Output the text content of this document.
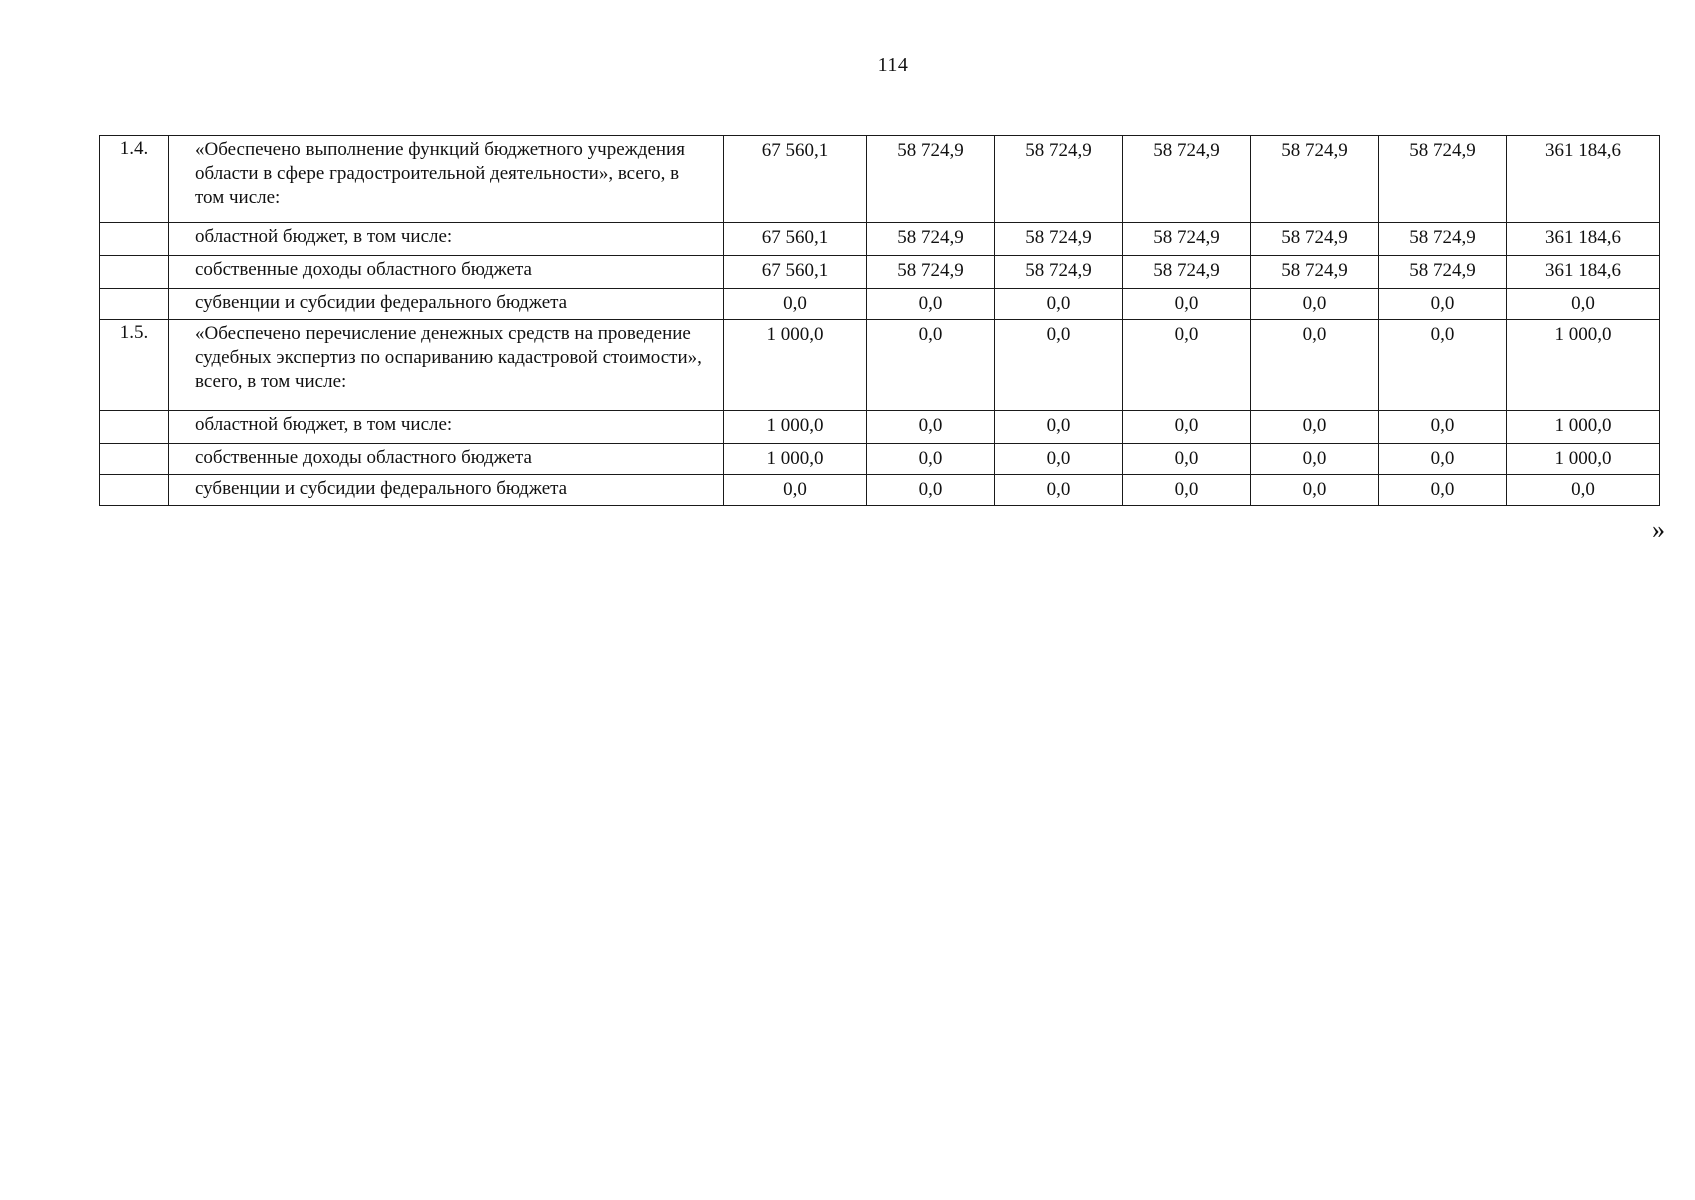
114
1.4.	«Обеспечено выполнение функций бюджетного учреждения области в сфере градостроительной деятельности», всего, в том числе:	67 560,1	58 724,9	58 724,9	58 724,9	58 724,9	58 724,9	361 184,6
	областной бюджет, в том числе:	67 560,1	58 724,9	58 724,9	58 724,9	58 724,9	58 724,9	361 184,6
	собственные доходы областного бюджета	67 560,1	58 724,9	58 724,9	58 724,9	58 724,9	58 724,9	361 184,6
	субвенции и субсидии федерального бюджета	0,0	0,0	0,0	0,0	0,0	0,0	0,0
1.5.	«Обеспечено перечисление денежных средств на проведение судебных экспертиз по оспариванию кадастровой стоимости», всего, в том числе:	1 000,0	0,0	0,0	0,0	0,0	0,0	1 000,0
	областной бюджет, в том числе:	1 000,0	0,0	0,0	0,0	0,0	0,0	1 000,0
	собственные доходы областного бюджета	1 000,0	0,0	0,0	0,0	0,0	0,0	1 000,0
	субвенции и субсидии федерального бюджета	0,0	0,0	0,0	0,0	0,0	0,0	0,0
»
